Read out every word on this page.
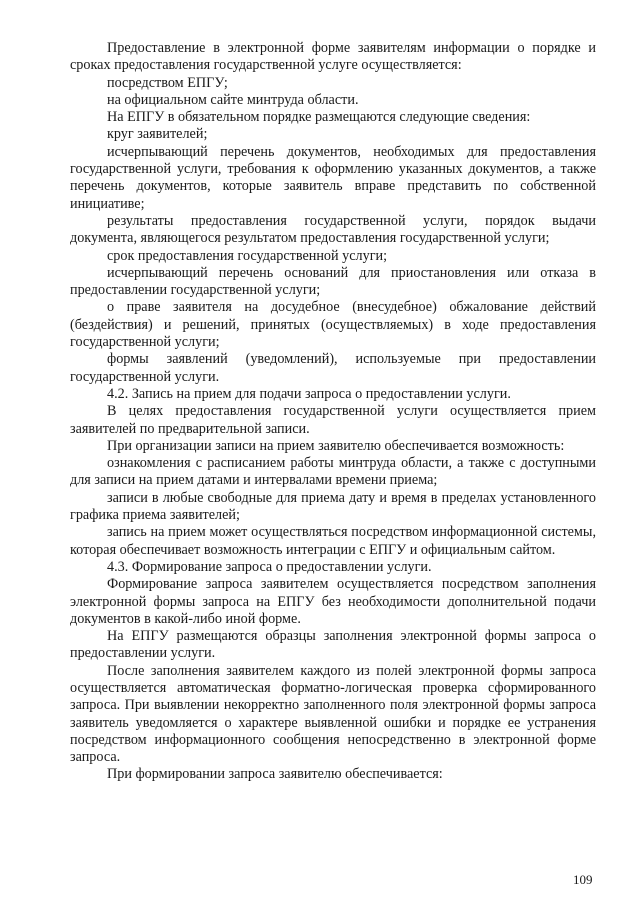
Предоставление в электронной форме заявителям информации о порядке и сроках предоставления государственной услуге осуществляется:

посредством ЕПГУ;

на официальном сайте минтруда области.

На ЕПГУ в обязательном порядке размещаются следующие сведения:

круг заявителей;

исчерпывающий перечень документов, необходимых для предоставления государственной услуги, требования к оформлению указанных документов, а также перечень документов, которые заявитель вправе представить по собственной инициативе;

результаты предоставления государственной услуги, порядок выдачи документа, являющегося результатом предоставления государственной услуги;

срок предоставления государственной услуги;

исчерпывающий перечень оснований для приостановления или отказа в предоставлении государственной услуги;

о праве заявителя на досудебное (внесудебное) обжалование действий (бездействия) и решений, принятых (осуществляемых) в ходе предоставления государственной услуги;

формы заявлений (уведомлений), используемые при предоставлении государственной услуги.

4.2. Запись на прием для подачи запроса о предоставлении услуги.

В целях предоставления государственной услуги осуществляется прием заявителей по предварительной записи.

При организации записи на прием заявителю обеспечивается возможность:

ознакомления с расписанием работы минтруда области, а также с доступными для записи на прием датами и интервалами времени приема;

записи в любые свободные для приема дату и время в пределах установленного графика приема заявителей;

запись на прием может осуществляться посредством информационной системы, которая обеспечивает возможность интеграции с ЕПГУ и официальным сайтом.

4.3. Формирование запроса о предоставлении услуги.

Формирование запроса заявителем осуществляется посредством заполнения электронной формы запроса на ЕПГУ без необходимости дополнительной подачи документов в какой-либо иной форме.

На ЕПГУ размещаются образцы заполнения электронной формы запроса о предоставлении услуги.

После заполнения заявителем каждого из полей электронной формы запроса осуществляется автоматическая форматно-логическая проверка сформированного запроса. При выявлении некорректно заполненного поля электронной формы запроса заявитель уведомляется о характере выявленной ошибки и порядке ее устранения посредством информационного сообщения непосредственно в электронной форме запроса.

При формировании запроса заявителю обеспечивается:

109
